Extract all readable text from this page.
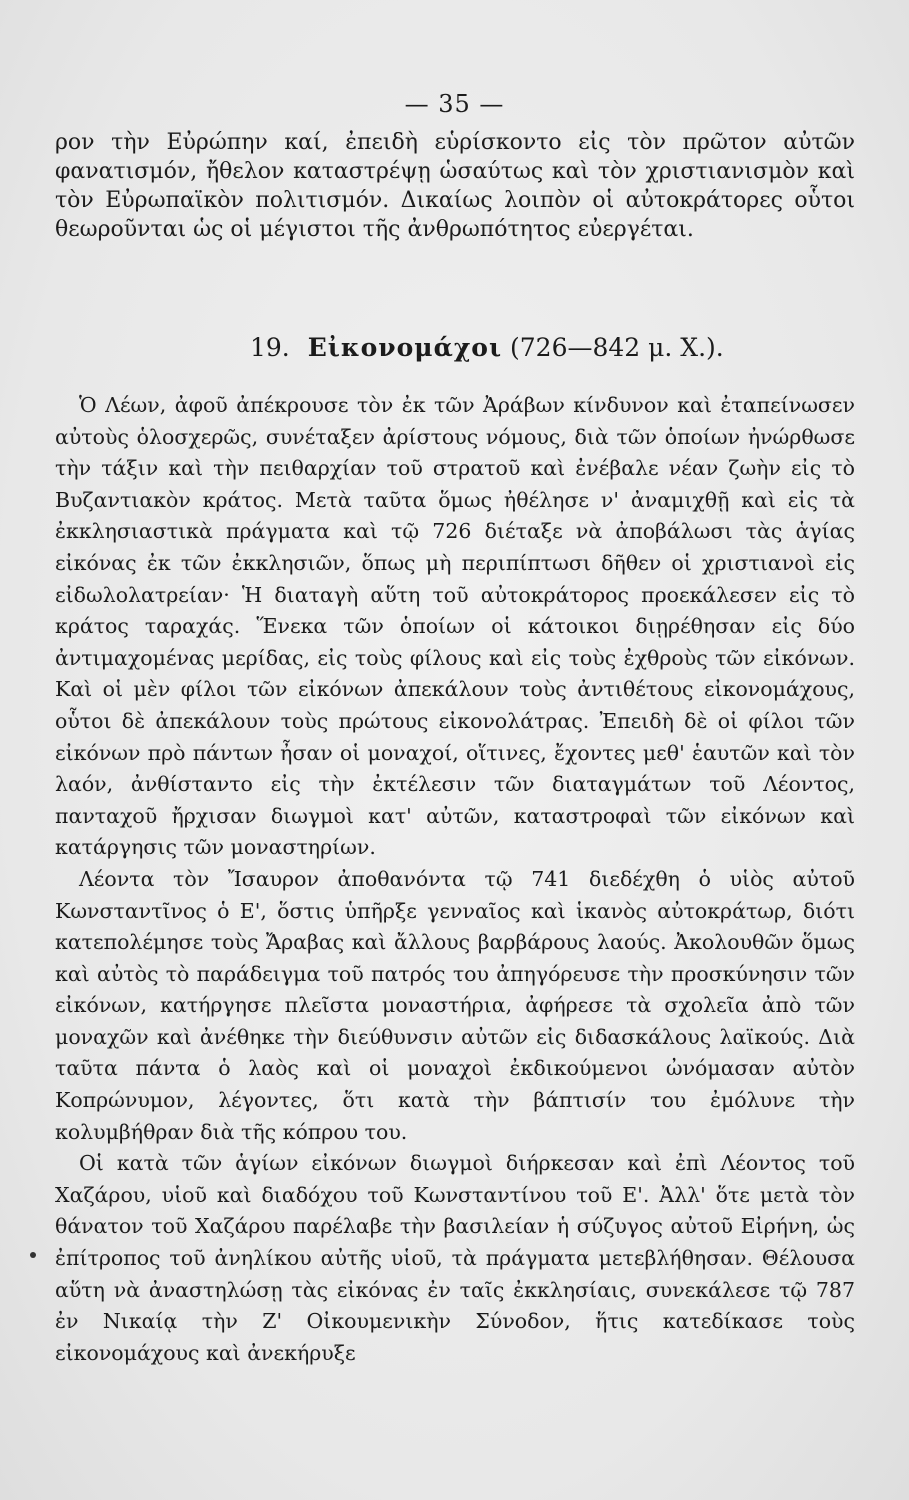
— 35 —
ρον τὴν Εὐρώπην καί, ἐπειδὴ εὑρίσκοντο εἰς τὸν πρῶτον αὐτῶν φανατισμόν, ἤθελον καταστρέψῃ ὡσαύτως καὶ τὸν χριστιανισμὸν καὶ τὸν Εὐρωπαϊκὸν πολιτισμόν. Δικαίως λοιπὸν οἱ αὐτοκράτορες οὗτοι θεωροῦνται ὡς οἱ μέγιστοι τῆς ἀνθρωπότητος εὐεργέται.
19. Εἰκονομάχοι (726—842 μ. Χ.).

Ὁ Λέων, ἀφοῦ ἀπέκρουσε τὸν ἐκ τῶν Ἀράβων κίνδυνον καὶ ἐταπείνωσεν αὐτοὺς ὁλοσχερῶς, συνέταξεν ἀρίστους νόμους, διὰ τῶν ὁποίων ἠνώρθωσε τὴν τάξιν καὶ τὴν πειθαρχίαν τοῦ στρατοῦ καὶ ἐνέβαλε νέαν ζωὴν εἰς τὸ Βυζαντιακὸν κράτος. Μετὰ ταῦτα ὅμως ἠθέλησε ν' ἀναμιχθῇ καὶ εἰς τὰ ἐκκλησιαστικὰ πράγματα καὶ τῷ 726 διέταξε νὰ ἀποβάλωσι τὰς ἁγίας εἰκόνας ἐκ τῶν ἐκκλησιῶν, ὅπως μὴ περιπίπτωσι δῆθεν οἱ χριστιανοὶ εἰς εἰδωλολατρείαν· Ἡ διαταγὴ αὕτη τοῦ αὐτοκράτορος προεκάλεσεν εἰς τὸ κράτος ταραχάς. Ἕνεκα τῶν ὁποίων οἱ κάτοικοι διῃρέθησαν εἰς δύο ἀντιμαχομένας μερίδας, εἰς τοὺς φίλους καὶ εἰς τοὺς ἐχθροὺς τῶν εἰκόνων. Καὶ οἱ μὲν φίλοι τῶν εἰκόνων ἀπεκάλουν τοὺς ἀντιθέτους εἰκονομάχους, οὗτοι δὲ ἀπεκάλουν τοὺς πρώτους εἰκονολάτρας. Ἐπειδὴ δὲ οἱ φίλοι τῶν εἰκόνων πρὸ πάντων ἦσαν οἱ μοναχοί, οἵτινες, ἔχοντες μεθ' ἑαυτῶν καὶ τὸν λαόν, ἀνθίσταντο εἰς τὴν ἐκτέλεσιν τῶν διαταγμάτων τοῦ Λέοντος, πανταχοῦ ἤρχισαν διωγμοὶ κατ' αὐτῶν, καταστροφαὶ τῶν εἰκόνων καὶ κατάργησις τῶν μοναστηρίων.

Λέοντα τὸν Ἴσαυρον ἀποθανόντα τῷ 741 διεδέχθη ὁ υἱὸς αὐτοῦ Κωνσταντῖνος ὁ Ε', ὅστις ὑπῆρξε γενναῖος καὶ ἱκανὸς αὐτοκράτωρ, διότι κατεπολέμησε τοὺς Ἄραβας καὶ ἄλλους βαρβάρους λαούς. Ἀκολουθῶν ὅμως καὶ αὐτὸς τὸ παράδειγμα τοῦ πατρός του ἀπηγόρευσε τὴν προσκύνησιν τῶν εἰκόνων, κατήργησε πλεῖστα μοναστήρια, ἀφήρεσε τὰ σχολεῖα ἀπὸ τῶν μοναχῶν καὶ ἀνέθηκε τὴν διεύθυνσιν αὐτῶν εἰς διδασκάλους λαϊκούς. Διὰ ταῦτα πάντα ὁ λαὸς καὶ οἱ μοναχοὶ ἐκδικούμενοι ὠνόμασαν αὐτὸν Κοπρώνυμον, λέγοντες, ὅτι κατὰ τὴν βάπτισίν του ἐμόλυνε τὴν κολυμβήθραν διὰ τῆς κόπρου του.

Οἱ κατὰ τῶν ἁγίων εἰκόνων διωγμοὶ διήρκεσαν καὶ ἐπὶ Λέοντος τοῦ Χαζάρου, υἱοῦ καὶ διαδόχου τοῦ Κωνσταντίνου τοῦ Ε'. Ἀλλ' ὅτε μετὰ τὸν θάνατον τοῦ Χαζάρου παρέλαβε τὴν βασιλείαν ἡ σύζυγος αὐτοῦ Εἰρήνη, ὡς ἐπίτροπος τοῦ ἀνηλίκου αὐτῆς υἱοῦ, τὰ πράγματα μετεβλήθησαν. Θέλουσα αὕτη νὰ ἀναστηλώσῃ τὰς εἰκόνας ἐν ταῖς ἐκκλησίαις, συνεκάλεσε τῷ 787 ἐν Νικαίᾳ τὴν Ζ' Οἰκουμενικὴν Σύνοδον, ἥτις κατεδίκασε τοὺς εἰκονομάχους καὶ ἀνεκήρυξε
